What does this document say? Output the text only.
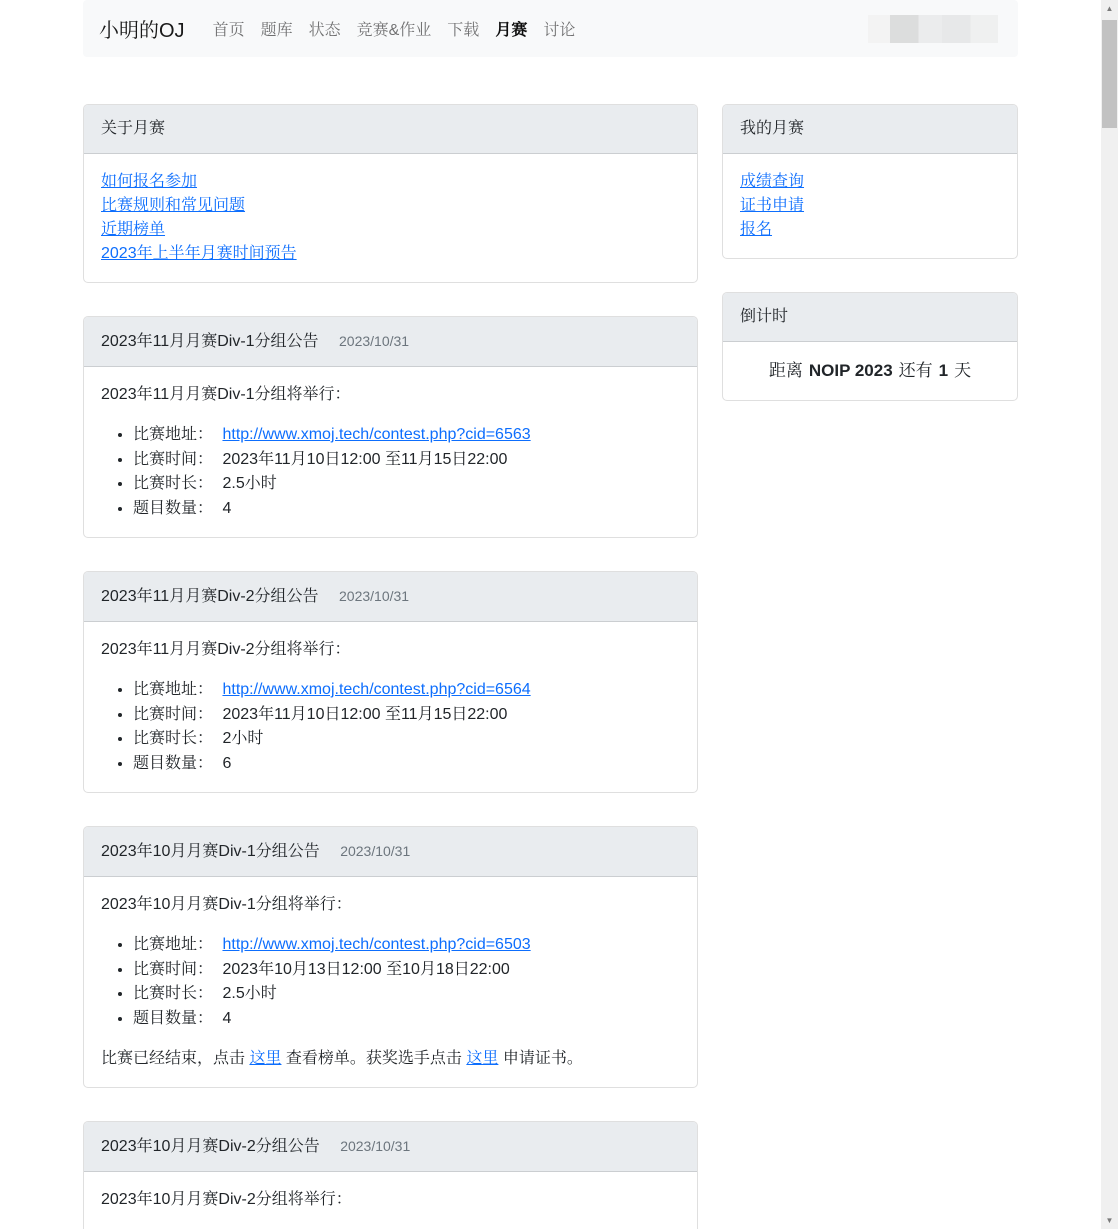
小明的OJ	首页	题库	状态	竞赛&作业	下载	月赛	讨论
关于月赛
如何报名参加
比赛规则和常见问题
近期榜单
2023年上半年月赛时间预告
2023年11月月赛Div-1分组公告 2023/10/31

2023年11月月赛Div-1分组将举行：

• 比赛地址： http://www.xmoj.tech/contest.php?cid=6563
• 比赛时间： 2023年11月10日12:00 至11月15日22:00
• 比赛时长： 2.5小时
• 题目数量： 4
2023年11月月赛Div-2分组公告 2023/10/31

2023年11月月赛Div-2分组将举行：

• 比赛地址： http://www.xmoj.tech/contest.php?cid=6564
• 比赛时间： 2023年11月10日12:00 至11月15日22:00
• 比赛时长： 2小时
• 题目数量： 6
2023年10月月赛Div-1分组公告 2023/10/31

2023年10月月赛Div-1分组将举行：

• 比赛地址： http://www.xmoj.tech/contest.php?cid=6503
• 比赛时间： 2023年10月13日12:00 至10月18日22:00
• 比赛时长： 2.5小时
• 题目数量： 4

比赛已经结束，点击 这里 查看榜单。获奖选手点击 这里 申请证书。

2023年10月月赛Div-2分组公告 2023/10/31

2023年10月月赛Div-2分组将举行：

我的月赛
成绩查询
证书申请
报名
倒计时
距离 NOIP 2023 还有 1 天
▲
▼
